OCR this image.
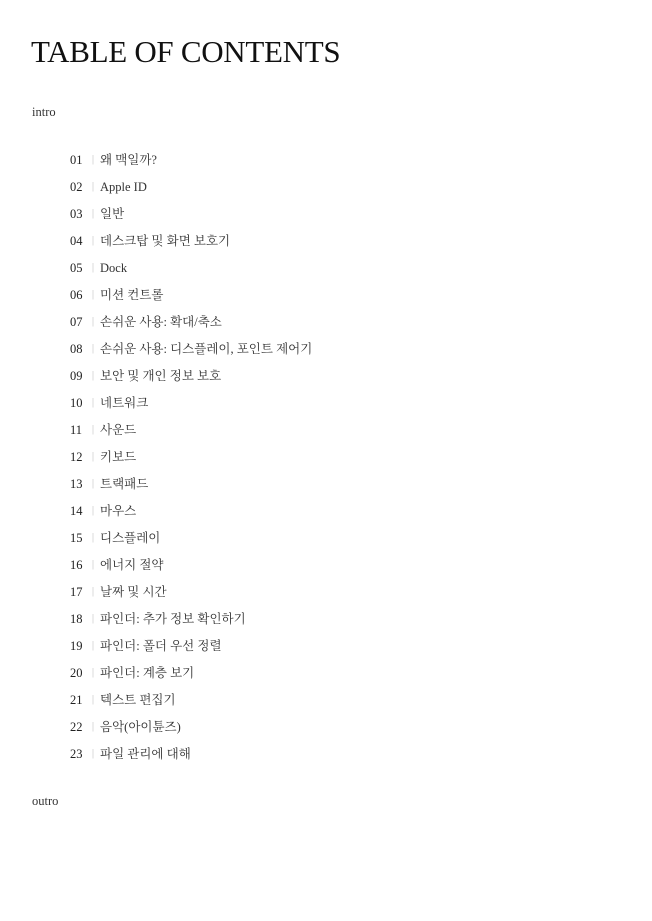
TABLE OF CONTENTS
intro
01 | 왜 맥일까?
02 | Apple ID
03 | 일반
04 | 데스크탑 및 화면 보호기
05 | Dock
06 | 미션 컨트롤
07 | 손쉬운 사용: 확대/축소
08 | 손쉬운 사용: 디스플레이, 포인트 제어기
09 | 보안 및 개인 정보 보호
10 | 네트워크
11 | 사운드
12 | 키보드
13 | 트랙패드
14 | 마우스
15 | 디스플레이
16 | 에너지 절약
17 | 날짜 및 시간
18 | 파인더: 추가 정보 확인하기
19 | 파인더: 폴더 우선 정렬
20 | 파인더: 계층 보기
21 | 텍스트 편집기
22 | 음악(아이튠즈)
23 | 파일 관리에 대해
outro
